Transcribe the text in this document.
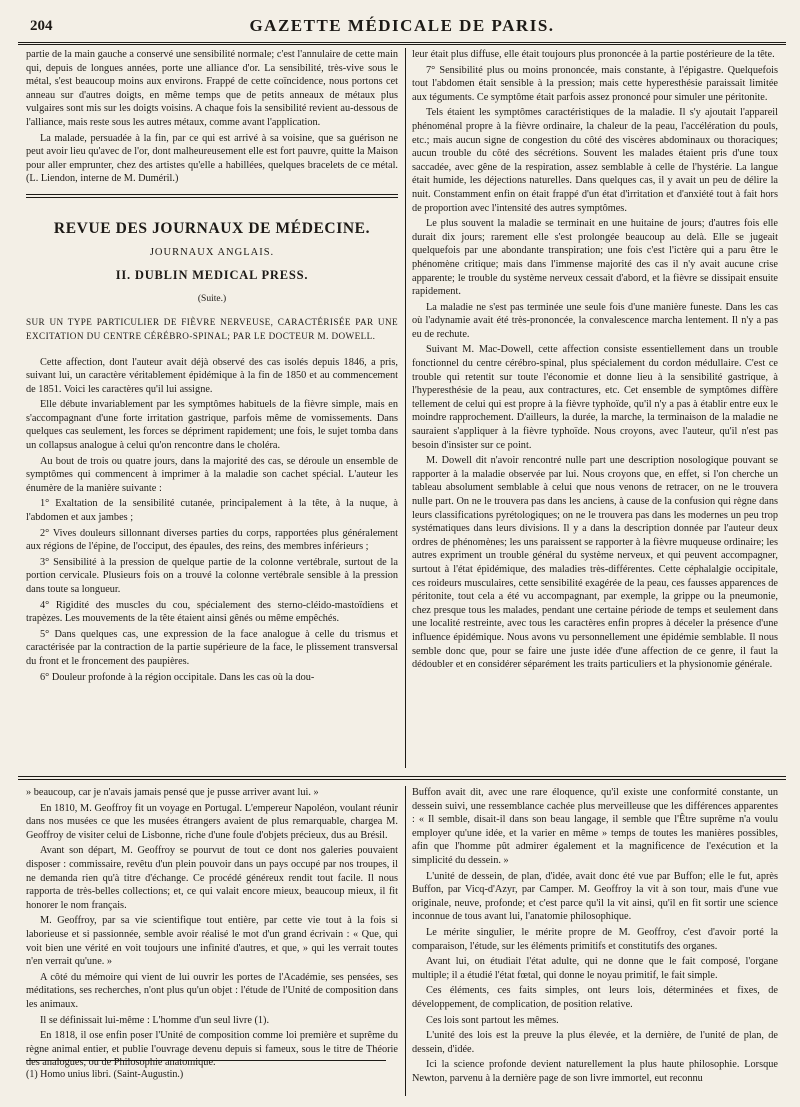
204	GAZETTE MÉDICALE DE PARIS.

partie de la main gauche a conservé une sensibilité normale; c'est l'annulaire de cette main qui, depuis de longues années, porte une alliance d'or. La sensibilité, très-vive sous le métal, s'est beaucoup moins aux environs. Frappé de cette coïncidence, nous portons cet anneau sur d'autres doigts, en même temps que de petits anneaux de métaux plus vulgaires sont mis sur les doigts voisins. A chaque fois la sensibilité revient au-dessous de l'alliance, mais reste sous les autres métaux, comme avant l'application.

La malade, persuadée à la fin, par ce qui est arrivé à sa voisine, que sa guérison ne peut avoir lieu qu'avec de l'or, dont malheureusement elle est fort pauvre, quitte la Maison pour aller emprunter, chez des artistes qu'elle a habillées, quelques bracelets de ce métal. (L. Liendon, interne de M. Duméril.)

REVUE DES JOURNAUX DE MÉDECINE.
JOURNAUX ANGLAIS.
II. DUBLIN MEDICAL PRESS.
(Suite.)

SUR UN TYPE PARTICULIER DE FIÈVRE NERVEUSE, CARACTÉRISÉE PAR UNE EXCITATION DU CENTRE CÉRÉBRO-SPINAL; PAR LE DOCTEUR M. DOWELL.

Cette affection, dont l'auteur avait déjà observé des cas isolés depuis 1846, a pris, suivant lui, un caractère véritablement épidémique à la fin de 1850 et au commencement de 1851. Voici les caractères qu'il lui assigne.

Elle débute invariablement par les symptômes habituels de la fièvre simple, mais en s'accompagnant d'une forte irritation gastrique, parfois même de vomissements. Dans quelques cas seulement, les forces se dépriment rapidement; une fois, le sujet tomba dans un collapsus analogue à celui qu'on rencontre dans le choléra.

Au bout de trois ou quatre jours, dans la majorité des cas, se déroule un ensemble de symptômes qui commencent à imprimer à la maladie son cachet spécial. L'auteur les énumère de la manière suivante :

1° Exaltation de la sensibilité cutanée, principalement à la tête, à la nuque, à l'abdomen et aux jambes ;

2° Vives douleurs sillonnant diverses parties du corps, rapportées plus généralement aux régions de l'épine, de l'occiput, des épaules, des reins, des membres inférieurs ;

3° Sensibilité à la pression de quelque partie de la colonne vertébrale, surtout de la portion cervicale. Plusieurs fois on a trouvé la colonne vertébrale sensible à la pression dans toute sa longueur.

4° Rigidité des muscles du cou, spécialement des sterno-cléido-mastoïdiens et trapèzes. Les mouvements de la tête étaient ainsi gênés ou même empêchés.

5° Dans quelques cas, une expression de la face analogue à celle du trismus et caractérisée par la contraction de la partie supérieure de la face, le plissement transversal du front et le froncement des paupières.

6° Douleur profonde à la région occipitale. Dans les cas où la dou-

leur était plus diffuse, elle était toujours plus prononcée à la partie postérieure de la tête.

7° Sensibilité plus ou moins prononcée, mais constante, à l'épigastre. Quelquefois tout l'abdomen était sensible à la pression; mais cette hyperesthésie paraissait limitée aux téguments. Ce symptôme était parfois assez prononcé pour simuler une péritonite.

Tels étaient les symptômes caractéristiques de la maladie. Il s'y ajoutait l'appareil phénoménal propre à la fièvre ordinaire, la chaleur de la peau, l'accélération du pouls, etc.; mais aucun signe de congestion du côté des viscères abdominaux ou thoraciques; aucun trouble du côté des sécrétions. Souvent les malades étaient pris d'une toux saccadée, avec gêne de la respiration, assez semblable à celle de l'hystérie. La langue était humide, les déjections naturelles. Dans quelques cas, il y avait un peu de délire la nuit. Constamment enfin on était frappé d'un état d'irritation et d'anxiété tout à fait hors de proportion avec l'intensité des autres symptômes.

Le plus souvent la maladie se terminait en une huitaine de jours; d'autres fois elle durait dix jours; rarement elle s'est prolongée beaucoup au delà. Elle se jugeait quelquefois par une abondante transpiration; une fois c'est l'ictère qui a paru être le phénomène critique; mais dans l'immense majorité des cas il n'y avait aucune crise apparente; le trouble du système nerveux cessait d'abord, et la fièvre se dissipait ensuite rapidement.

La maladie ne s'est pas terminée une seule fois d'une manière funeste. Dans les cas où l'adynamie avait été très-prononcée, la convalescence marcha lentement. Il n'y a pas eu de rechute.

Suivant M. Mac-Dowell, cette affection consiste essentiellement dans un trouble fonctionnel du centre cérébro-spinal, plus spécialement du cordon médullaire. C'est ce trouble qui retentit sur toute l'économie et donne lieu à la sensibilité gastrique, à l'hyperesthésie de la peau, aux contractures, etc. Cet ensemble de symptômes diffère tellement de celui qui est propre à la fièvre typhoïde, qu'il n'y a pas à établir entre eux le moindre rapprochement. D'ailleurs, la durée, la marche, la terminaison de la maladie ne sauraient s'appliquer à la fièvre typhoïde. Nous croyons, avec l'auteur, qu'il n'est pas besoin d'insister sur ce point.

M. Dowell dit n'avoir rencontré nulle part une description nosologique pouvant se rapporter à la maladie observée par lui. Nous croyons que, en effet, si l'on cherche un tableau absolument semblable à celui que nous venons de retracer, on ne le trouvera nulle part. On ne le trouvera pas dans les anciens, à cause de la confusion qui règne dans leurs classifications pyrétologiques; on ne le trouvera pas dans les modernes un peu trop systématiques dans leurs divisions. Il y a dans la description donnée par l'auteur deux ordres de phénomènes; les uns paraissent se rapporter à la fièvre muqueuse ordinaire; les autres expriment un trouble général du système nerveux, et qui peuvent accompagner, surtout à l'état épidémique, des maladies très-différentes. Cette céphalalgie occipitale, ces roideurs musculaires, cette sensibilité exagérée de la peau, ces fausses apparences de péritonite, tout cela a été vu accompagnant, par exemple, la grippe ou la pneumonie, chez presque tous les malades, pendant une certaine période de temps et seulement dans une localité restreinte, avec tous les caractères enfin propres à déceler la présence d'une influence épidémique. Nous avons vu personnellement une épidémie semblable. Il nous semble donc que, pour se faire une juste idée d'une affection de ce genre, il faut la dédoubler et en considérer séparément les traits particuliers et la physionomie générale.

» beaucoup, car je n'avais jamais pensé que je pusse arriver avant lui. »

En 1810, M. Geoffroy fit un voyage en Portugal. L'empereur Napoléon, voulant réunir dans nos musées ce que les musées étrangers avaient de plus remarquable, chargea M. Geoffroy de visiter celui de Lisbonne, riche d'une foule d'objets précieux, dus au Brésil.

Avant son départ, M. Geoffroy se pourvut de tout ce dont nos galeries pouvaient disposer : commissaire, revêtu d'un plein pouvoir dans un pays occupé par nos troupes, il ne demanda rien qu'à titre d'échange. Ce procédé généreux rendit tout facile. Il nous rapporta de très-belles collections; et, ce qui valait encore mieux, beaucoup mieux, il fit honorer le nom français.

M. Geoffroy, par sa vie scientifique tout entière, par cette vie tout à la fois si laborieuse et si passionnée, semble avoir réalisé le mot d'un grand écrivain : « Que, qui voit bien une vérité en voit toujours une infinité d'autres, et que, » qui les verrait toutes n'en verrait qu'une. »

A côté du mémoire qui vient de lui ouvrir les portes de l'Académie, ses pensées, ses méditations, ses recherches, n'ont plus qu'un objet : l'étude de l'Unité de composition dans les animaux.

Il se définissait lui-même : L'homme d'un seul livre (1).

En 1818, il ose enfin poser l'Unité de composition comme loi première et suprême du règne animal entier, et publie l'ouvrage devenu depuis si fameux, sous le titre de Théorie des analogues, ou de Philosophie anatomique.

(1) Homo unius libri. (Saint-Augustin.)

Buffon avait dit, avec une rare éloquence, qu'il existe une conformité constante, un dessein suivi, une ressemblance cachée plus merveilleuse que les différences apparentes : « Il semble, disait-il dans son beau langage, il semble que l'Être suprême n'a voulu employer qu'une idée, et la varier en même » temps de toutes les manières possibles, afin que l'homme pût admirer également et la magnificence de l'exécution et la simplicité du dessein. »

L'unité de dessein, de plan, d'idée, avait donc été vue par Buffon; elle le fut, après Buffon, par Vicq-d'Azyr, par Camper. M. Geoffroy la vit à son tour, mais d'une vue originale, neuve, profonde; et c'est parce qu'il la vit ainsi, qu'il en fit sortir une science inconnue de tous avant lui, l'anatomie philosophique.

Le mérite singulier, le mérite propre de M. Geoffroy, c'est d'avoir porté la comparaison, l'étude, sur les éléments primitifs et constitutifs des organes.

Avant lui, on étudiait l'état adulte, qui ne donne que le fait composé, l'organe multiple; il a étudié l'état fœtal, qui donne le noyau primitif, le fait simple.

Ces éléments, ces faits simples, ont leurs lois, déterminées et fixes, de développement, de complication, de position relative.

Ces lois sont partout les mêmes.

L'unité des lois est la preuve la plus élevée, et la dernière, de l'unité de plan, de dessein, d'idée.

Ici la science profonde devient naturellement la plus haute philosophie. Lorsque Newton, parvenu à la dernière page de son livre immortel, eut reconnu
